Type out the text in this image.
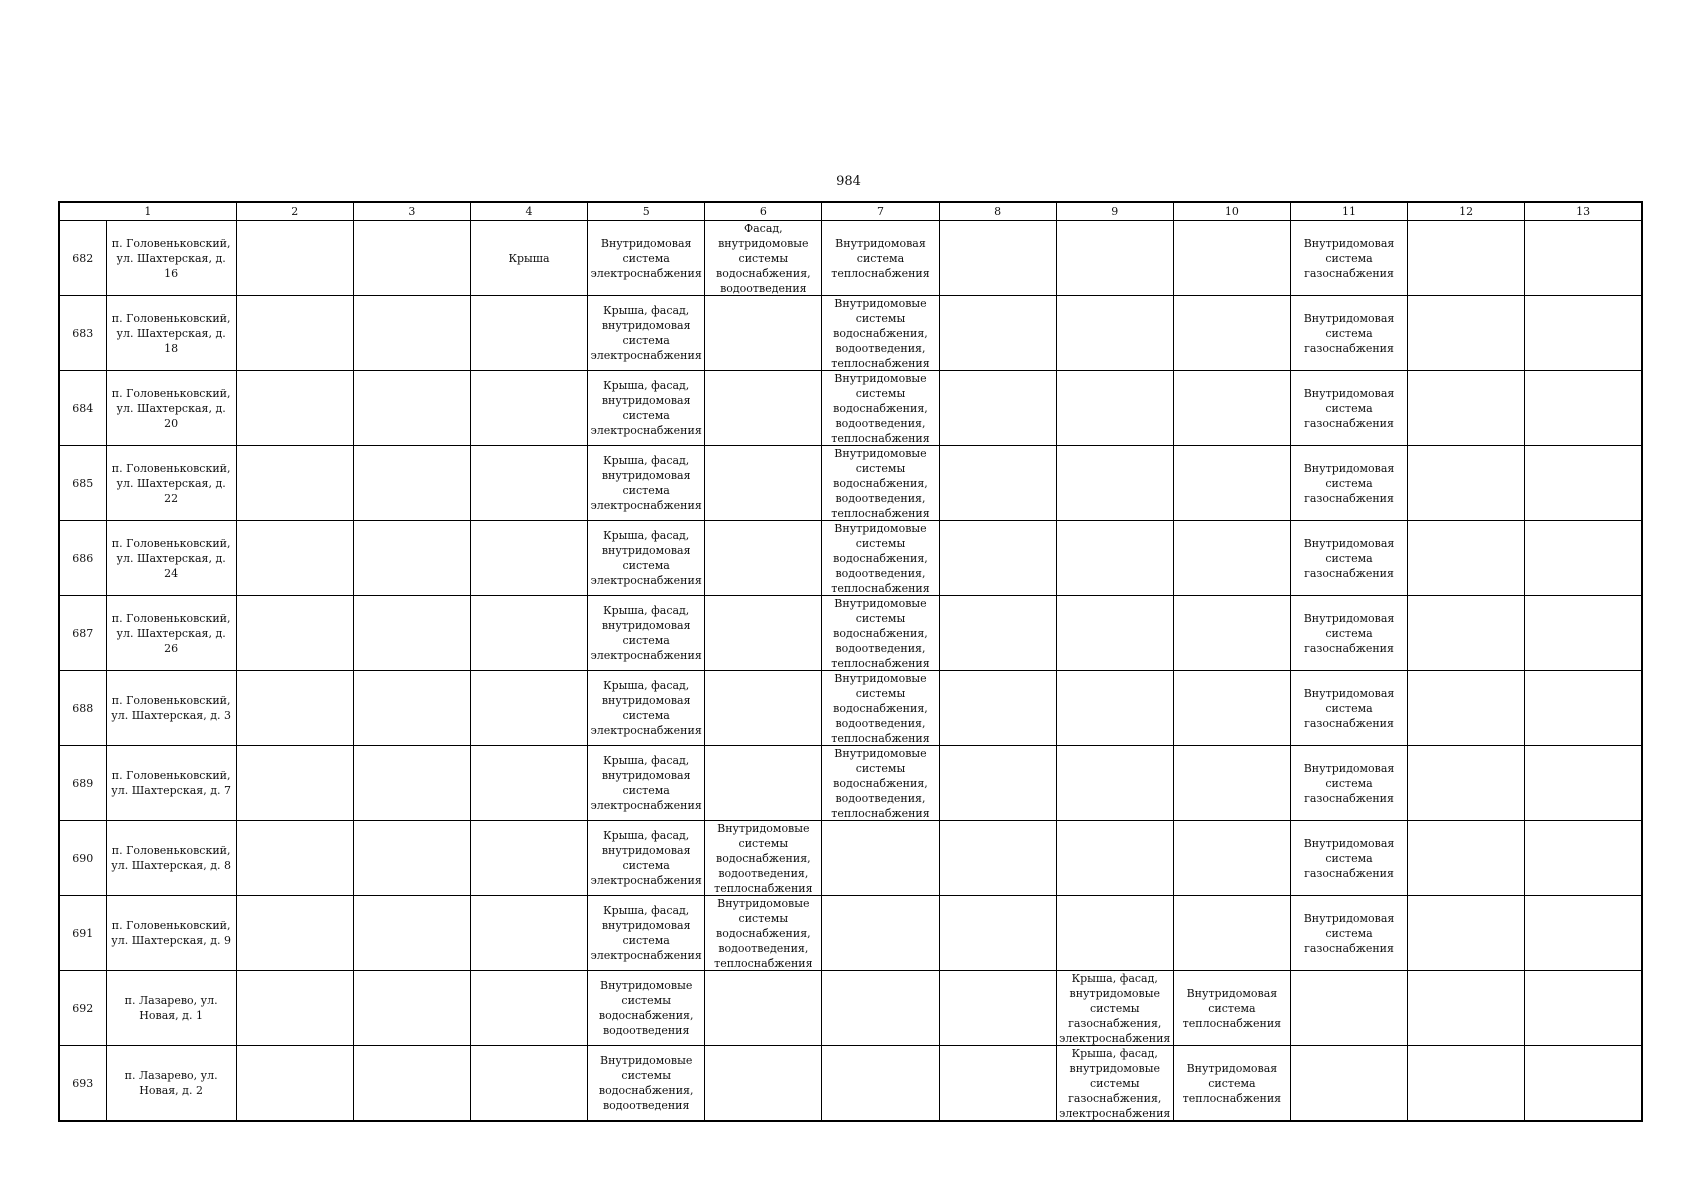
984
1		2	3	4	5	6	7	8	9	10	11	12	13
682	п. Головеньковский, ул. Шахтерская, д. 16			Крыша	Внутридомовая система электроснабжения	Фасад, внутридомовые системы водоснабжения, водоотведения	Внутридомовая система теплоснабжения				Внутридомовая система газоснабжения		

683	п. Головеньковский, ул. Шахтерская, д. 18				Крыша, фасад, внутридомовая система электроснабжения		Внутридомовые системы водоснабжения, водоотведения, теплоснабжения				Внутридомовая система газоснабжения		

684	п. Головеньковский, ул. Шахтерская, д. 20				Крыша, фасад, внутридомовая система электроснабжения		Внутридомовые системы водоснабжения, водоотведения, теплоснабжения				Внутридомовая система газоснабжения		

685	п. Головеньковский, ул. Шахтерская, д. 22				Крыша, фасад, внутридомовая система электроснабжения		Внутридомовые системы водоснабжения, водоотведения, теплоснабжения				Внутридомовая система газоснабжения		

686	п. Головеньковский, ул. Шахтерская, д. 24				Крыша, фасад, внутридомовая система электроснабжения		Внутридомовые системы водоснабжения, водоотведения, теплоснабжения				Внутридомовая система газоснабжения		

687	п. Головеньковский, ул. Шахтерская, д. 26				Крыша, фасад, внутридомовая система электроснабжения		Внутридомовые системы водоснабжения, водоотведения, теплоснабжения				Внутридомовая система газоснабжения		

688	п. Головеньковский, ул. Шахтерская, д. 3				Крыша, фасад, внутридомовая система электроснабжения		Внутридомовые системы водоснабжения, водоотведения, теплоснабжения				Внутридомовая система газоснабжения		

689	п. Головеньковский, ул. Шахтерская, д. 7				Крыша, фасад, внутридомовая система электроснабжения		Внутридомовые системы водоснабжения, водоотведения, теплоснабжения				Внутридомовая система газоснабжения		

690	п. Головеньковский, ул. Шахтерская, д. 8				Крыша, фасад, внутридомовая система электроснабжения	Внутридомовые системы водоснабжения, водоотведения, теплоснабжения					Внутридомовая система газоснабжения		

691	п. Головеньковский, ул. Шахтерская, д. 9				Крыша, фасад, внутридомовая система электроснабжения	Внутридомовые системы водоснабжения, водоотведения, теплоснабжения					Внутридомовая система газоснабжения		

692	п. Лазарево, ул. Новая, д. 1				Внутридомовые системы водоснабжения, водоотведения				Крыша, фасад, внутридомовые системы газоснабжения, электроснабжения	Внутридомовая система теплоснабжения			

693	п. Лазарево, ул. Новая, д. 2				Внутридомовые системы водоснабжения, водоотведения				Крыша, фасад, внутридомовые системы газоснабжения, электроснабжения	Внутридомовая система теплоснабжения			
